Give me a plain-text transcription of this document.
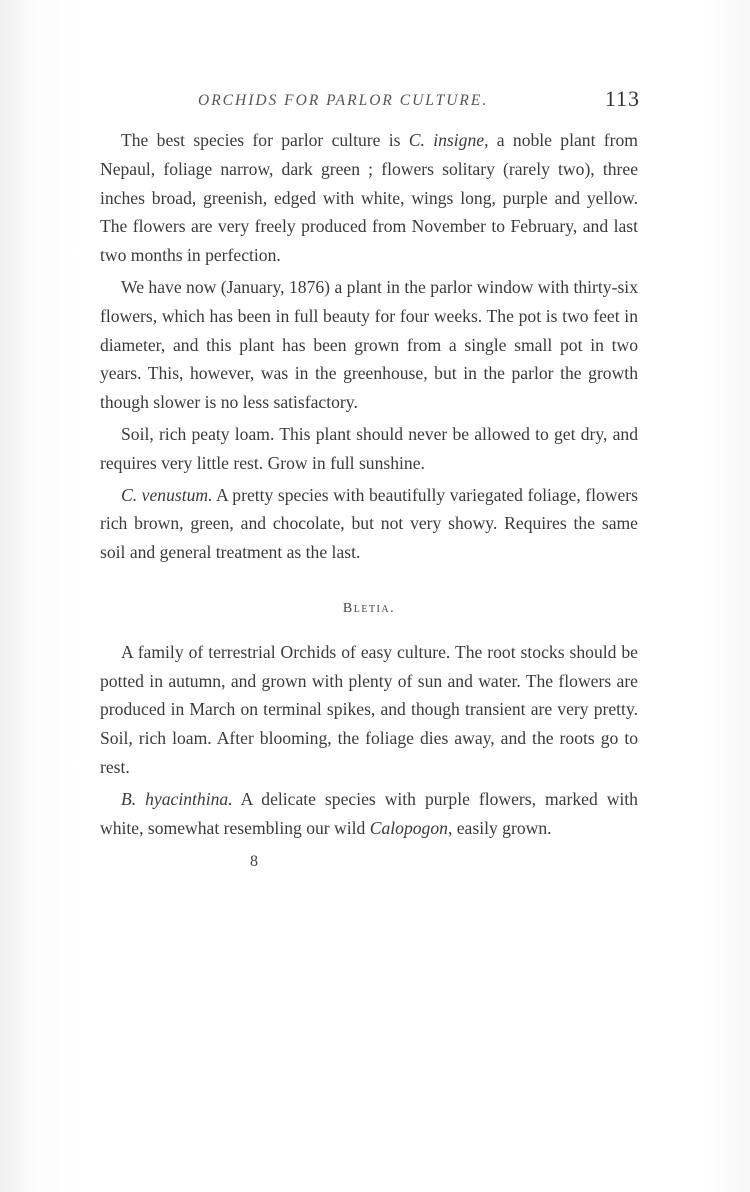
ORCHIDS FOR PARLOR CULTURE.	113

The best species for parlor culture is C. insigne, a noble plant from Nepaul, foliage narrow, dark green ; flowers solitary (rarely two), three inches broad, greenish, edged with white, wings long, purple and yellow. The flowers are very freely produced from November to February, and last two months in perfection.

We have now (January, 1876) a plant in the parlor window with thirty-six flowers, which has been in full beauty for four weeks. The pot is two feet in diameter, and this plant has been grown from a single small pot in two years. This, however, was in the greenhouse, but in the parlor the growth though slower is no less satisfactory.

Soil, rich peaty loam. This plant should never be allowed to get dry, and requires very little rest. Grow in full sunshine.

C. venustum. A pretty species with beautifully variegated foliage, flowers rich brown, green, and chocolate, but not very showy. Requires the same soil and general treatment as the last.

Bletia.

A family of terrestrial Orchids of easy culture. The root stocks should be potted in autumn, and grown with plenty of sun and water. The flowers are produced in March on terminal spikes, and though transient are very pretty. Soil, rich loam. After blooming, the foliage dies away, and the roots go to rest.

B. hyacinthina. A delicate species with purple flowers, marked with white, somewhat resembling our wild Calopogon, easily grown.

8
